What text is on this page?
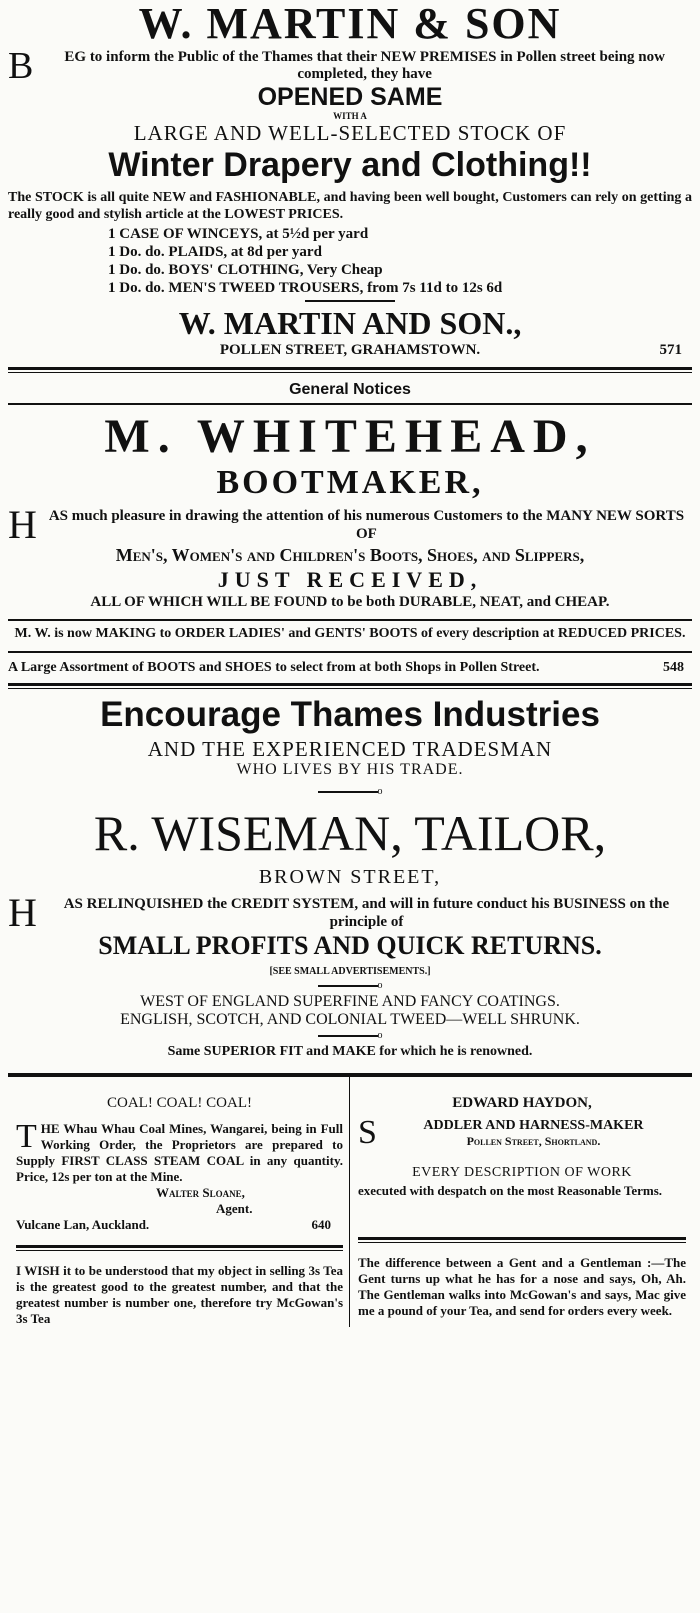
W. MARTIN & SON
B EG to inform the Public of the Thames that their NEW PREMISES in Pollen street being now completed, they have
OPENED SAME
WITH A
LARGE AND WELL-SELECTED STOCK OF
Winter Drapery and Clothing!!
The STOCK is all quite NEW and FASHIONABLE, and having been well bought, Customers can rely on getting a really good and stylish article at the LOWEST PRICES.
1 CASE OF WINCEYS, at 5½d per yard
1 Do. do. PLAIDS, at 8d per yard
1 Do. do. BOYS' CLOTHING, Very Cheap
1 Do. do. MEN'S TWEED TROUSERS, from 7s 11d to 12s 6d
W. MARTIN AND SON.,
POLLEN STREET, GRAHAMSTOWN.	571
General Notices
M. WHITEHEAD,
BOOTMAKER,
H AS much pleasure in drawing the attention of his numerous Customers to the MANY NEW SORTS OF
Men's, Women's and Children's Boots, Shoes, and Slippers,
JUST RECEIVED,
ALL OF WHICH WILL BE FOUND to be both DURABLE, NEAT, and CHEAP.
M. W. is now MAKING to ORDER LADIES' and GENTS' BOOTS of every description at REDUCED PRICES.
A Large Assortment of BOOTS and SHOES to select from at both Shops in Pollen Street.	548
Encourage Thames Industries
AND THE EXPERIENCED TRADESMAN
WHO LIVES BY HIS TRADE.
o
R. WISEMAN, TAILOR,
BROWN STREET,
H AS RELINQUISHED the CREDIT SYSTEM, and will in future conduct his BUSINESS on the principle of
SMALL PROFITS AND QUICK RETURNS.
[SEE SMALL ADVERTISEMENTS.]
o
WEST OF ENGLAND SUPERFINE AND FANCY COATINGS.
ENGLISH, SCOTCH, AND COLONIAL TWEED—WELL SHRUNK.
o
Same SUPERIOR FIT and MAKE for which he is renowned.
COAL! COAL! COAL!
T HE Whau Whau Coal Mines, Wangarei, being in Full Working Order, the Proprietors are prepared to Supply FIRST CLASS STEAM COAL in any quantity. Price, 12s per ton at the Mine.
Walter Sloane,
Agent.
Vulcane Lan, Auckland.	640
I WISH it to be understood that my object in selling 3s Tea is the greatest good to the greatest number, and that the greatest number is number one, therefore try McGowan's 3s Tea
EDWARD HAYDON,
S	ADDLER AND HARNESS-MAKER
Pollen Street, Shortland.
EVERY DESCRIPTION OF WORK
executed with despatch on the most Reasonable Terms.
The difference between a Gent and a Gentleman :—The Gent turns up what he has for a nose and says, Oh, Ah. The Gentleman walks into McGowan's and says, Mac give me a pound of your Tea, and send for orders every week.
